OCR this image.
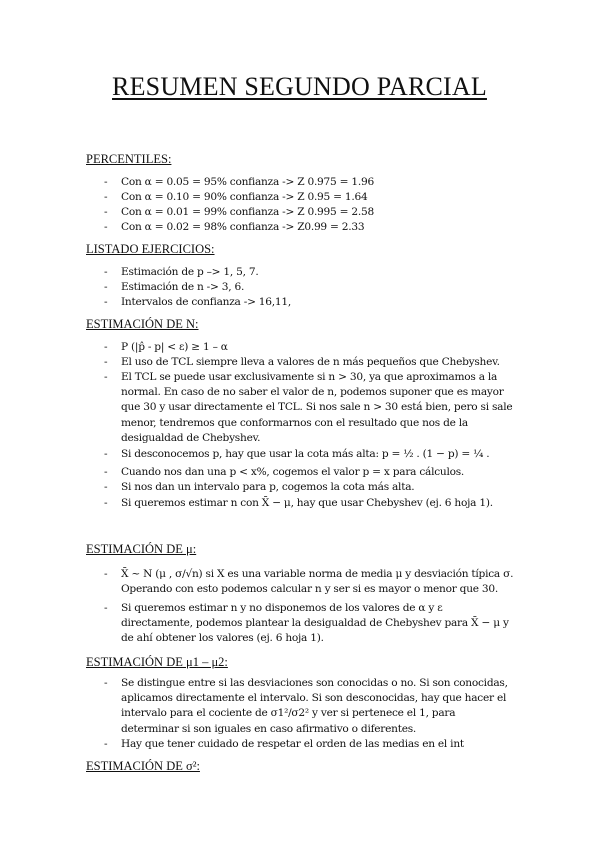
RESUMEN SEGUNDO PARCIAL
PERCENTILES:
-	Con α = 0.05 = 95% confianza -> Z 0.975 = 1.96
-	Con α = 0.10 = 90% confianza -> Z 0.95 = 1.64
-	Con α = 0.01 = 99% confianza -> Z 0.995 = 2.58
-	Con α = 0.02 = 98% confianza -> Z0.99 = 2.33
LISTADO EJERCICIOS:
-	Estimación de p –> 1, 5, 7.
-	Estimación de n -> 3, 6.
-	Intervalos de confianza -> 16,11,
ESTIMACIÓN DE N:
-	P (|p̂ - p| < ε) ≥ 1 – α
-	El uso de TCL siempre lleva a valores de n más pequeños que Chebyshev.
-	El TCL se puede usar exclusivamente si n > 30, ya que aproximamos a la normal. En caso de no saber el valor de n, podemos suponer que es mayor que 30 y usar directamente el TCL. Si nos sale n > 30 está bien, pero si sale menor, tendremos que conformarnos con el resultado que nos de la desigualdad de Chebyshev.
-	Si desconocemos p, hay que usar la cota más alta: p = ½ . (1 − p) = ¼ .
-	Cuando nos dan una p < x%, cogemos el valor p = x para cálculos.
-	Si nos dan un intervalo para p, cogemos la cota más alta.
-	Si queremos estimar n con X̄ − μ, hay que usar Chebyshev (ej. 6 hoja 1).
ESTIMACIÓN DE μ:
-	X̄ ~ N (μ , σ/√n) si X es una variable norma de media μ y desviación típica σ. Operando con esto podemos calcular n y ser si es mayor o menor que 30.
-	Si queremos estimar n y no disponemos de los valores de α y ε directamente, podemos plantear la desigualdad de Chebyshev para X̄ − μ y de ahí obtener los valores (ej. 6 hoja 1).
ESTIMACIÓN DE μ1 – μ2:
-	Se distingue entre si las desviaciones son conocidas o no. Si son conocidas, aplicamos directamente el intervalo. Si son desconocidas, hay que hacer el intervalo para el cociente de σ1²/σ2² y ver si pertenece el 1, para determinar si son iguales en caso afirmativo o diferentes.
-	Hay que tener cuidado de respetar el orden de las medias en el int
ESTIMACIÓN DE σ²:
